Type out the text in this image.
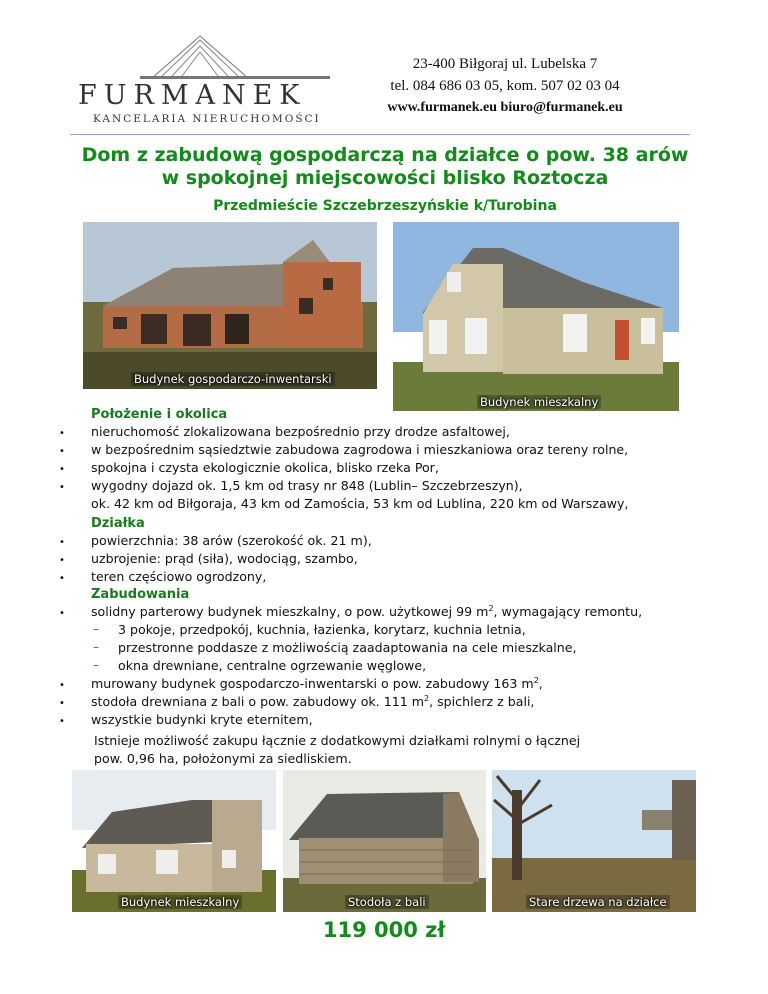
FURMANEK
KANCELARIA NIERUCHOMOŚCI
23-400 Biłgoraj ul. Lubelska 7
tel. 084 686 03 05, kom. 507 02 03 04
www.furmanek.eu biuro@furmanek.eu
Dom z zabudową gospodarczą na działce o pow. 38 arów
w spokojnej miejscowości blisko Roztocza
Przedmieście Szczebrzeszyńskie k/Turobina
Budynek gospodarczo-inwentarski
Budynek mieszkalny
Położenie i okolica
• nieruchomość zlokalizowana bezpośrednio przy drodze asfaltowej,
• w bezpośrednim sąsiedztwie zabudowa zagrodowa i mieszkaniowa oraz tereny rolne,
• spokojna i czysta ekologicznie okolica, blisko rzeka Por,
• wygodny dojazd ok. 1,5 km od trasy nr 848 (Lublin– Szczebrzeszyn),
ok. 42 km od Biłgoraja, 43 km od Zamościa, 53 km od Lublina, 220 km od Warszawy,
Działka
• powierzchnia: 38 arów (szerokość ok. 21 m),
• uzbrojenie: prąd (siła), wodociąg, szambo,
• teren częściowo ogrodzony,
Zabudowania
• solidny parterowy budynek mieszkalny, o pow. użytkowej 99 $m^2$, wymagający remontu,
– 3 pokoje, przedpokój, kuchnia, łazienka, korytarz, kuchnia letnia,
– przestronne poddasze z możliwością zaadaptowania na cele mieszkalne,
– okna drewniane, centralne ogrzewanie węglowe,
• murowany budynek gospodarczo-inwentarski o pow. zabudowy 163 $m^2$,
• stodoła drewniana z bali o pow. zabudowy ok. 111 $m^2$, spichlerz z bali,
• wszystkie budynki kryte eternitem,
Istnieje możliwość zakupu łącznie z dodatkowymi działkami rolnymi o łącznej
pow. 0,96 ha, położonymi za siedliskiem.
Budynek mieszkalny	Stodoła z bali	Stare drzewa na działce
119 000 zł
